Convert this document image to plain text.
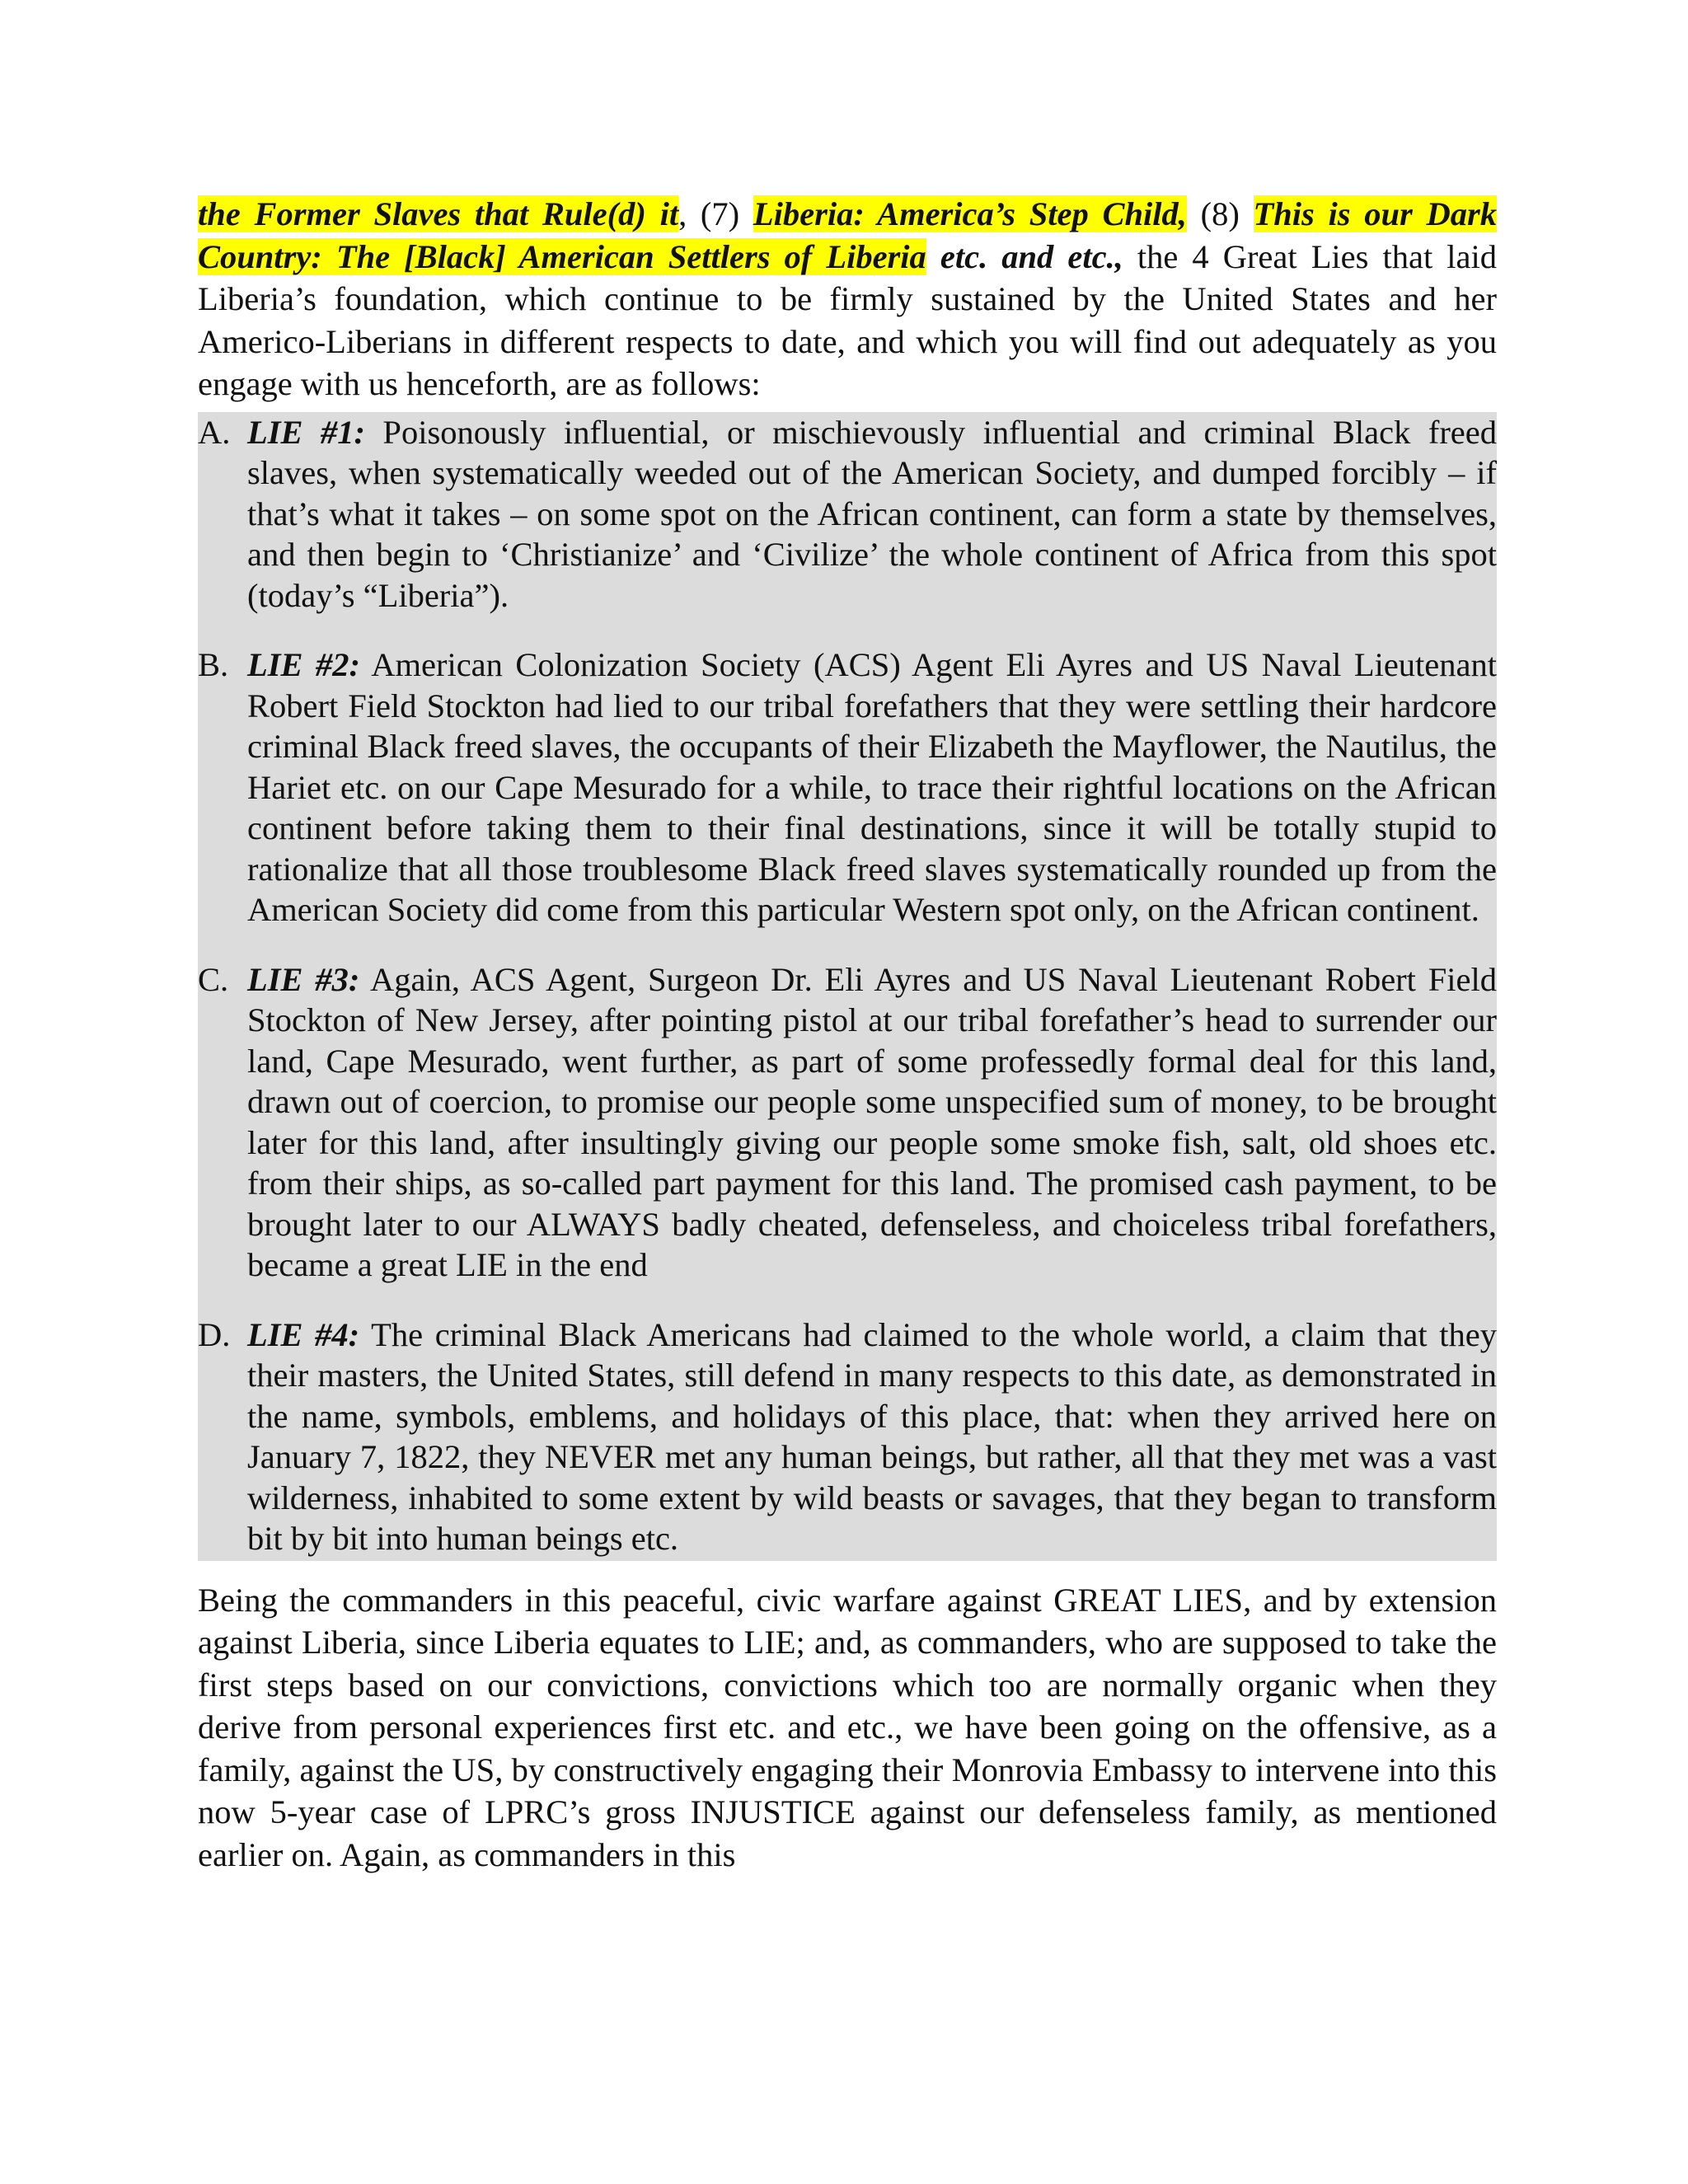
the Former Slaves that Rule(d) it, (7) Liberia: America’s Step Child, (8) This is our Dark Country: The [Black] American Settlers of Liberia etc. and etc., the 4 Great Lies that laid Liberia’s foundation, which continue to be firmly sustained by the United States and her Americo-Liberians in different respects to date, and which you will find out adequately as you engage with us henceforth, are as follows:

A. LIE #1: Poisonously influential, or mischievously influential and criminal Black freed slaves, when systematically weeded out of the American Society, and dumped forcibly – if that’s what it takes – on some spot on the African continent, can form a state by themselves, and then begin to ‘Christianize’ and ‘Civilize’ the whole continent of Africa from this spot (today’s “Liberia”).
B. LIE #2: American Colonization Society (ACS) Agent Eli Ayres and US Naval Lieutenant Robert Field Stockton had lied to our tribal forefathers that they were settling their hardcore criminal Black freed slaves, the occupants of their Elizabeth the Mayflower, the Nautilus, the Hariet etc. on our Cape Mesurado for a while, to trace their rightful locations on the African continent before taking them to their final destinations, since it will be totally stupid to rationalize that all those troublesome Black freed slaves systematically rounded up from the American Society did come from this particular Western spot only, on the African continent.
C. LIE #3: Again, ACS Agent, Surgeon Dr. Eli Ayres and US Naval Lieutenant Robert Field Stockton of New Jersey, after pointing pistol at our tribal forefather’s head to surrender our land, Cape Mesurado, went further, as part of some professedly formal deal for this land, drawn out of coercion, to promise our people some unspecified sum of money, to be brought later for this land, after insultingly giving our people some smoke fish, salt, old shoes etc. from their ships, as so-called part payment for this land. The promised cash payment, to be brought later to our ALWAYS badly cheated, defenseless, and choiceless tribal forefathers, became a great LIE in the end
D. LIE #4: The criminal Black Americans had claimed to the whole world, a claim that they their masters, the United States, still defend in many respects to this date, as demonstrated in the name, symbols, emblems, and holidays of this place, that: when they arrived here on January 7, 1822, they NEVER met any human beings, but rather, all that they met was a vast wilderness, inhabited to some extent by wild beasts or savages, that they began to transform bit by bit into human beings etc.

Being the commanders in this peaceful, civic warfare against GREAT LIES, and by extension against Liberia, since Liberia equates to LIE; and, as commanders, who are supposed to take the first steps based on our convictions, convictions which too are normally organic when they derive from personal experiences first etc. and etc., we have been going on the offensive, as a family, against the US, by constructively engaging their Monrovia Embassy to intervene into this now 5-year case of LPRC’s gross INJUSTICE against our defenseless family, as mentioned earlier on. Again, as commanders in this
